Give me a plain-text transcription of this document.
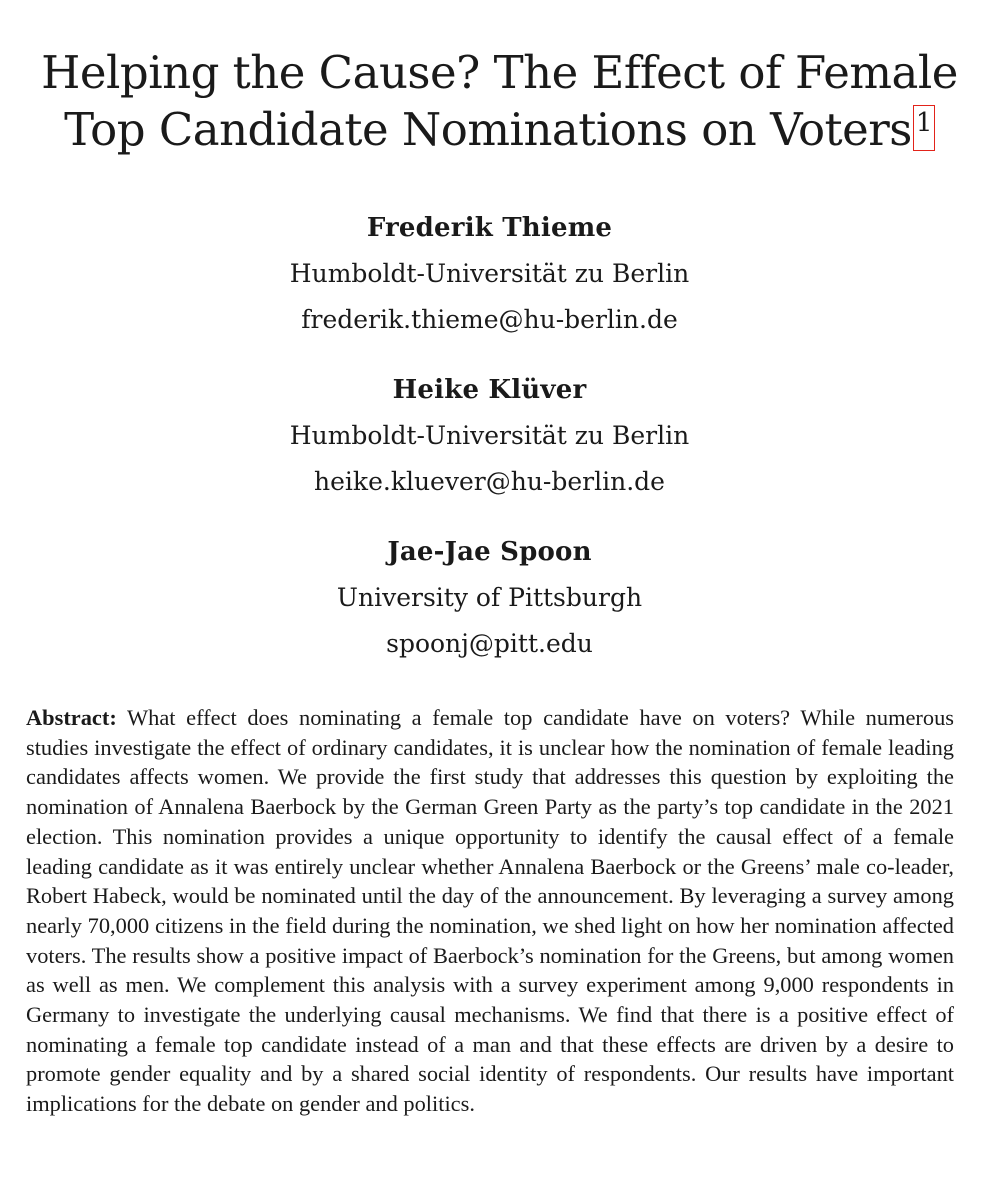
Helping the Cause? The Effect of Female Top Candidate Nominations on Voters 1
Frederik Thieme
Humboldt-Universität zu Berlin
frederik.thieme@hu-berlin.de
Heike Klüver
Humboldt-Universität zu Berlin
heike.kluever@hu-berlin.de
Jae-Jae Spoon
University of Pittsburgh
spoonj@pitt.edu

Abstract: What effect does nominating a female top candidate have on voters? While numerous studies investigate the effect of ordinary candidates, it is unclear how the nomination of female leading candidates affects women. We provide the first study that addresses this question by exploiting the nomination of Annalena Baerbock by the German Green Party as the party’s top candidate in the 2021 election. This nomination provides a unique opportunity to identify the causal effect of a female leading candidate as it was entirely unclear whether Annalena Baerbock or the Greens’ male co-leader, Robert Habeck, would be nominated until the day of the announcement. By leveraging a survey among nearly 70,000 citizens in the field during the nomination, we shed light on how her nomination affected voters. The results show a positive impact of Baerbock’s nomination for the Greens, but among women as well as men. We complement this analysis with a survey experiment among 9,000 respondents in Germany to investigate the underlying causal mechanisms. We find that there is a positive effect of nominating a female top candidate instead of a man and that these effects are driven by a desire to promote gender equality and by a shared social identity of respondents. Our results have important implications for the debate on gender and politics.
